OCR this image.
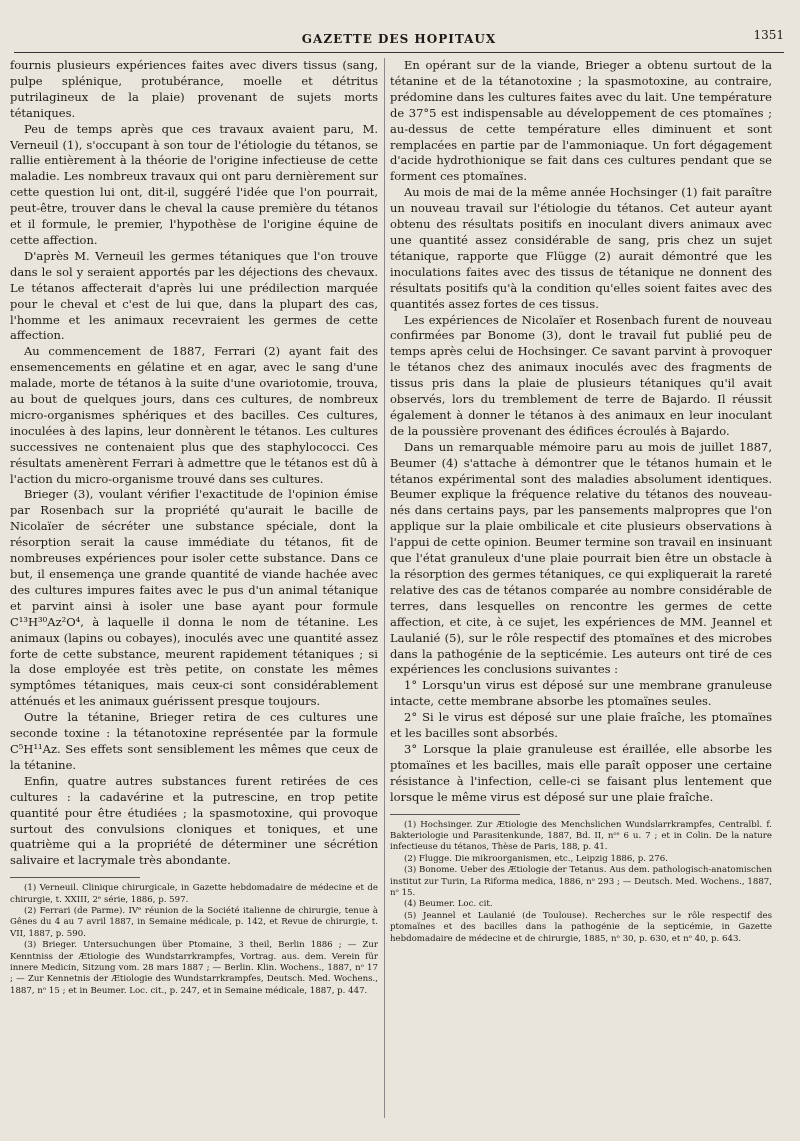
GAZETTE DES HOPITAUX	1351

fournis plusieurs expériences faites avec divers tissus (sang, pulpe splénique, protubérance, moelle et détritus putrilagineux de la plaie) provenant de sujets morts tétaniques.

Peu de temps après que ces travaux avaient paru, M. Verneuil (1), s'occupant à son tour de l'étiologie du tétanos, se rallie entièrement à la théorie de l'origine infectieuse de cette maladie. Les nombreux travaux qui ont paru dernièrement sur cette question lui ont, dit-il, suggéré l'idée que l'on pourrait, peut-être, trouver dans le cheval la cause première du tétanos et il formule, le premier, l'hypothèse de l'origine équine de cette affection.

D'après M. Verneuil les germes tétaniques que l'on trouve dans le sol y seraient apportés par les déjections des chevaux. Le tétanos affecterait d'après lui une prédilection marquée pour le cheval et c'est de lui que, dans la plupart des cas, l'homme et les animaux recevraient les germes de cette affection.

Au commencement de 1887, Ferrari (2) ayant fait des ensemencements en gélatine et en agar, avec le sang d'une malade, morte de tétanos à la suite d'une ovariotomie, trouva, au bout de quelques jours, dans ces cultures, de nombreux micro-organismes sphériques et des bacilles. Ces cultures, inoculées à des lapins, leur donnèrent le tétanos. Les cultures successives ne contenaient plus que des staphylococci. Ces résultats amenèrent Ferrari à admettre que le tétanos est dû à l'action du micro-organisme trouvé dans ses cultures.

Brieger (3), voulant vérifier l'exactitude de l'opinion émise par Rosenbach sur la propriété qu'aurait le bacille de Nicolaïer de sécréter une substance spéciale, dont la résorption serait la cause immédiate du tétanos, fit de nombreuses expériences pour isoler cette substance. Dans ce but, il ensemença une grande quantité de viande hachée avec des cultures impures faites avec le pus d'un animal tétanique et parvint ainsi à isoler une base ayant pour formule C¹³H³⁰Az²O⁴, à laquelle il donna le nom de tétanine. Les animaux (lapins ou cobayes), inoculés avec une quantité assez forte de cette substance, meurent rapidement tétaniques ; si la dose employée est très petite, on constate les mêmes symptômes tétaniques, mais ceux-ci sont considérablement atténués et les animaux guérissent presque toujours.

Outre la tétanine, Brieger retira de ces cultures une seconde toxine : la tétanotoxine représentée par la formule C⁵H¹¹Az. Ses effets sont sensiblement les mêmes que ceux de la tétanine.

Enfin, quatre autres substances furent retirées de ces cultures : la cadavérine et la putrescine, en trop petite quantité pour être étudiées ; la spasmotoxine, qui provoque surtout des convulsions cloniques et toniques, et une quatrième qui a la propriété de déterminer une sécrétion salivaire et lacrymale très abondante.

(1) Verneuil. Clinique chirurgicale, in Gazette hebdomadaire de médecine et de chirurgie, t. XXIII, 2ᵉ série, 1886, p. 597.

(2) Ferrari (de Parme). IVᵉ réunion de la Société italienne de chirurgie, tenue à Gênes du 4 au 7 avril 1887, in Semaine médicale, p. 142, et Revue de chirurgie, t. VII, 1887, p. 590.

(3) Brieger. Untersuchungen über Ptomaine, 3 theil, Berlin 1886 ; — Zur Kenntniss der Ætiologie des Wundstarrkrampfes, Vortrag. aus. dem. Verein für innere Medicin, Sitzung vom. 28 mars 1887 ; — Berlin. Klin. Wochens., 1887, nᵒ 17 ; — Zur Kennetnis der Ætiologie des Wundstarrkrampfes, Deutsch. Med. Wochens., 1887, nᵒ 15 ; et in Beumer. Loc. cit., p. 247, et in Semaine médicale, 1887, p. 447.

En opérant sur de la viande, Brieger a obtenu surtout de la tétanine et de la tétanotoxine ; la spasmotoxine, au contraire, prédomine dans les cultures faites avec du lait. Une température de 37°5 est indispensable au développement de ces ptomaïnes ; au-dessus de cette température elles diminuent et sont remplacées en partie par de l'ammoniaque. Un fort dégagement d'acide hydrothionique se fait dans ces cultures pendant que se forment ces ptomaïnes.

Au mois de mai de la même année Hochsinger (1) fait paraître un nouveau travail sur l'étiologie du tétanos. Cet auteur ayant obtenu des résultats positifs en inoculant divers animaux avec une quantité assez considérable de sang, pris chez un sujet tétanique, rapporte que Flügge (2) aurait démontré que les inoculations faites avec des tissus de tétanique ne donnent des résultats positifs qu'à la condition qu'elles soient faites avec des quantités assez fortes de ces tissus.

Les expériences de Nicolaïer et Rosenbach furent de nouveau confirmées par Bonome (3), dont le travail fut publié peu de temps après celui de Hochsinger. Ce savant parvint à provoquer le tétanos chez des animaux inoculés avec des fragments de tissus pris dans la plaie de plusieurs tétaniques qu'il avait observés, lors du tremblement de terre de Bajardo. Il réussit également à donner le tétanos à des animaux en leur inoculant de la poussière provenant des édifices écroulés à Bajardo.

Dans un remarquable mémoire paru au mois de juillet 1887, Beumer (4) s'attache à démontrer que le tétanos humain et le tétanos expérimental sont des maladies absolument identiques. Beumer explique la fréquence relative du tétanos des nouveau-nés dans certains pays, par les pansements malpropres que l'on applique sur la plaie ombilicale et cite plusieurs observations à l'appui de cette opinion. Beumer termine son travail en insinuant que l'état granuleux d'une plaie pourrait bien être un obstacle à la résorption des germes tétaniques, ce qui expliquerait la rareté relative des cas de tétanos comparée au nombre considérable de terres, dans lesquelles on rencontre les germes de cette affection, et cite, à ce sujet, les expériences de MM. Jeannel et Laulanié (5), sur le rôle respectif des ptomaïnes et des microbes dans la pathogénie de la septicémie. Les auteurs ont tiré de ces expériences les conclusions suivantes :

1° Lorsqu'un virus est déposé sur une membrane granuleuse intacte, cette membrane absorbe les ptomaïnes seules.

2° Si le virus est déposé sur une plaie fraîche, les ptomaïnes et les bacilles sont absorbés.

3° Lorsque la plaie granuleuse est éraillée, elle absorbe les ptomaïnes et les bacilles, mais elle paraît opposer une certaine résistance à l'infection, celle-ci se faisant plus lentement que lorsque le même virus est déposé sur une plaie fraîche.

(1) Hochsinger. Zur Ætiologie des Menchslichen Wundslarrkrampfes, Centralbl. f. Bakteriologie und Parasitenkunde, 1887, Bd. II, nᵒˢ 6 u. 7 ; et in Colin. De la nature infectieuse du tétanos, Thèse de Paris, 188, p. 41.

(2) Flugge. Die mikroorganismen, etc., Leipzig 1886, p. 276.

(3) Bonome. Ueber des Ætiologie der Tetanus. Aus dem. pathologisch-anatomischen institut zur Turin, La Riforma medica, 1886, nᵒ 293 ; — Deutsch. Med. Wochens., 1887, nᵒ 15.

(4) Beumer. Loc. cit.

(5) Jeannel et Laulanié (de Toulouse). Recherches sur le rôle respectif des ptomaïnes et des bacilles dans la pathogénie de la septicémie, in Gazette hebdomadaire de médecine et de chirurgie, 1885, nᵒ 30, p. 630, et nᵒ 40, p. 643.
